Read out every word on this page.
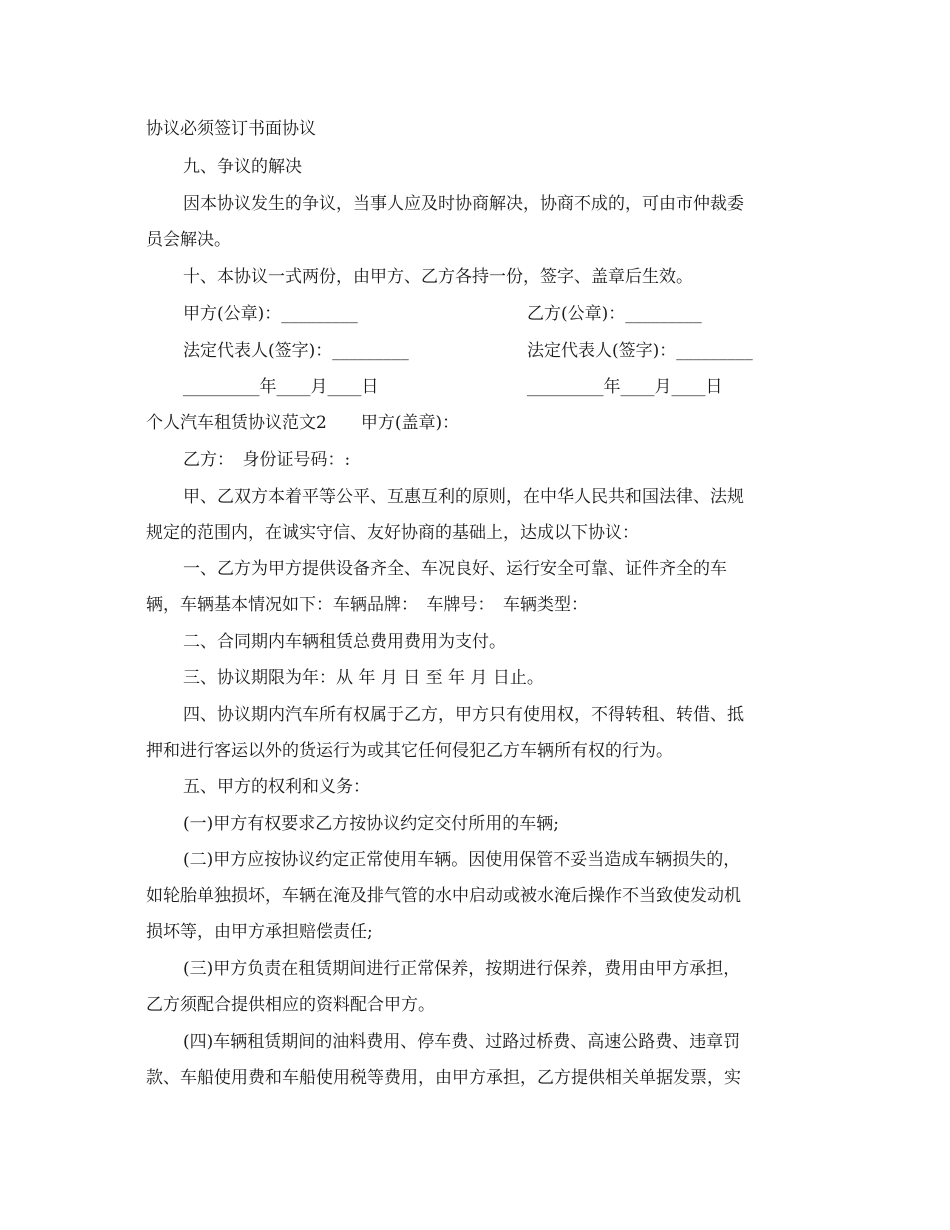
协议必须签订书面协议
九、争议的解决
因本协议发生的争议，当事人应及时协商解决，协商不成的，可由市仲裁委
员会解决。
十、本协议一式两份，由甲方、乙方各持一份，签字、盖章后生效。
甲方(公章)：_________	乙方(公章)：_________
法定代表人(签字)：_________	法定代表人(签字)：_________
_________年____月____日	_________年____月____日
个人汽车租赁协议范文2　　甲方(盖章)：
乙方：　身份证号码：:
甲、乙双方本着平等公平、互惠互利的原则，在中华人民共和国法律、法规
规定的范围内，在诚实守信、友好协商的基础上，达成以下协议：
一、乙方为甲方提供设备齐全、车况良好、运行安全可靠、证件齐全的车
辆，车辆基本情况如下：车辆品牌：　车牌号：　车辆类型：
二、合同期内车辆租赁总费用费用为支付。
三、协议期限为年：从 年 月 日 至 年 月 日止。
四、协议期内汽车所有权属于乙方，甲方只有使用权，不得转租、转借、抵
押和进行客运以外的货运行为或其它任何侵犯乙方车辆所有权的行为。
五、甲方的权利和义务：
(一)甲方有权要求乙方按协议约定交付所用的车辆;
(二)甲方应按协议约定正常使用车辆。因使用保管不妥当造成车辆损失的，
如轮胎单独损坏，车辆在淹及排气管的水中启动或被水淹后操作不当致使发动机
损坏等，由甲方承担赔偿责任;
(三)甲方负责在租赁期间进行正常保养，按期进行保养，费用由甲方承担，
乙方须配合提供相应的资料配合甲方。
(四)车辆租赁期间的油料费用、停车费、过路过桥费、高速公路费、违章罚
款、车船使用费和车船使用税等费用，由甲方承担，乙方提供相关单据发票，实
